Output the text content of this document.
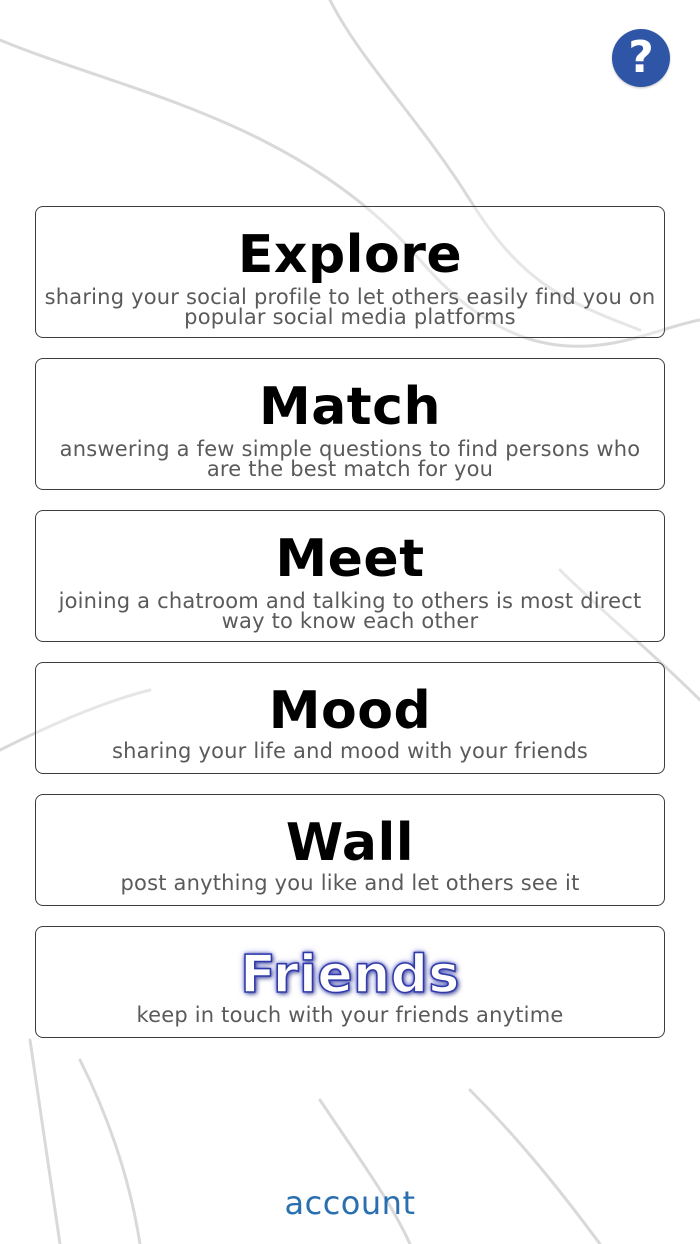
?
Explore
sharing your social profile to let others easily find you on popular social media platforms
Match
answering a few simple questions to find persons who are the best match for you
Meet
joining a chatroom and talking to others is most direct way to know each other
Mood
sharing your life and mood with your friends
Wall
post anything you like and let others see it
Friends
keep in touch with your friends anytime
account
